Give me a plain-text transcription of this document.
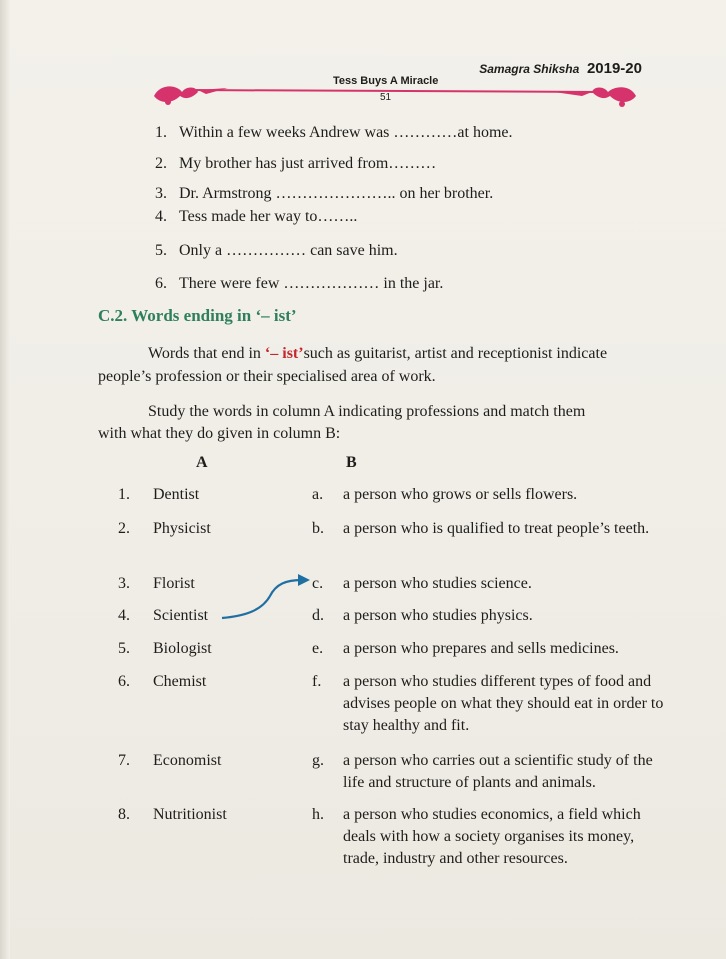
Samagra Shiksha 2019-20
Tess Buys A Miracle
51
1. Within a few weeks Andrew was …………at home.
2. My brother has just arrived from………
3. Dr. Armstrong ………………….. on her brother.
4. Tess made her way to……..
5. Only a …………… can save him.
6. There were few ……………… in the jar.
C.2. Words ending in ‘– ist’
Words that end in ‘– ist’such as guitarist, artist and receptionist indicate
people’s profession or their specialised area of work.
Study the words in column A indicating professions and match them
with what they do given in column B:
A	B
1. Dentist	a. a person who grows or sells flowers.
2. Physicist	b. a person who is qualified to treat people’s teeth.
3. Florist	c. a person who studies science.
4. Scientist	d. a person who studies physics.
5. Biologist	e. a person who prepares and sells medicines.
6. Chemist	f. a person who studies different types of food and advises people on what they should eat in order to stay healthy and fit.
7. Economist	g. a person who carries out a scientific study of the life and structure of plants and animals.
8. Nutritionist	h. a person who studies economics, a field which deals with how a society organises its money, trade, industry and other resources.
